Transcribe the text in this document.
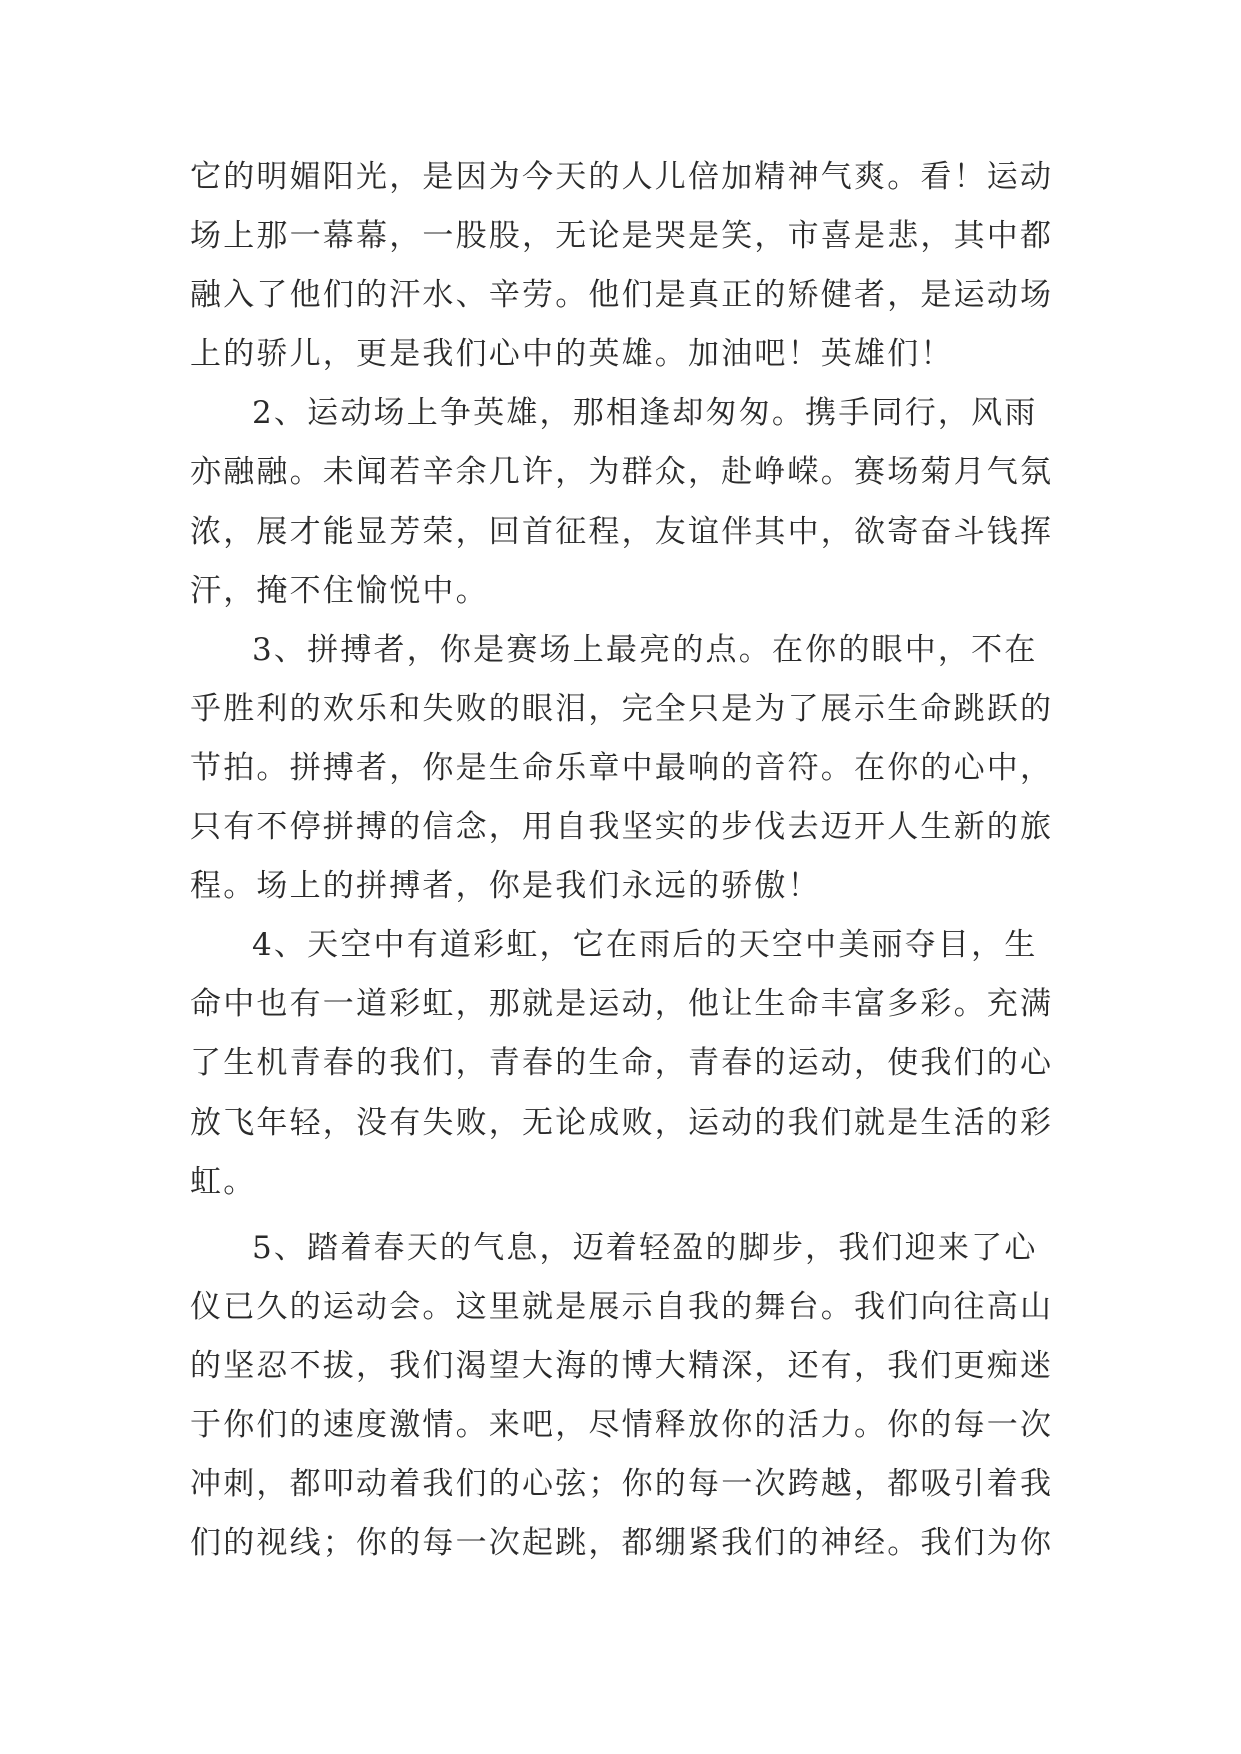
它的明媚阳光，是因为今天的人儿倍加精神气爽。看！运动
场上那一幕幕，一股股，无论是哭是笑，市喜是悲，其中都
融入了他们的汗水、辛劳。他们是真正的矫健者，是运动场
上的骄儿，更是我们心中的英雄。加油吧！英雄们！
2、运动场上争英雄，那相逢却匆匆。携手同行，风雨
亦融融。未闻若辛余几许，为群众，赴峥嵘。赛场菊月气氛
浓，展才能显芳荣，回首征程，友谊伴其中，欲寄奋斗钱挥
汗，掩不住愉悦中。
3、拼搏者，你是赛场上最亮的点。在你的眼中，不在
乎胜利的欢乐和失败的眼泪，完全只是为了展示生命跳跃的
节拍。拼搏者，你是生命乐章中最响的音符。在你的心中，
只有不停拼搏的信念，用自我坚实的步伐去迈开人生新的旅
程。场上的拼搏者，你是我们永远的骄傲！
4、天空中有道彩虹，它在雨后的天空中美丽夺目，生
命中也有一道彩虹，那就是运动，他让生命丰富多彩。充满
了生机青春的我们，青春的生命，青春的运动，使我们的心
放飞年轻，没有失败，无论成败，运动的我们就是生活的彩
虹。
5、踏着春天的气息，迈着轻盈的脚步，我们迎来了心
仪已久的运动会。这里就是展示自我的舞台。我们向往高山
的坚忍不拔，我们渴望大海的博大精深，还有，我们更痴迷
于你们的速度激情。来吧，尽情释放你的活力。你的每一次
冲刺，都叩动着我们的心弦；你的每一次跨越，都吸引着我
们的视线；你的每一次起跳，都绷紧我们的神经。我们为你
